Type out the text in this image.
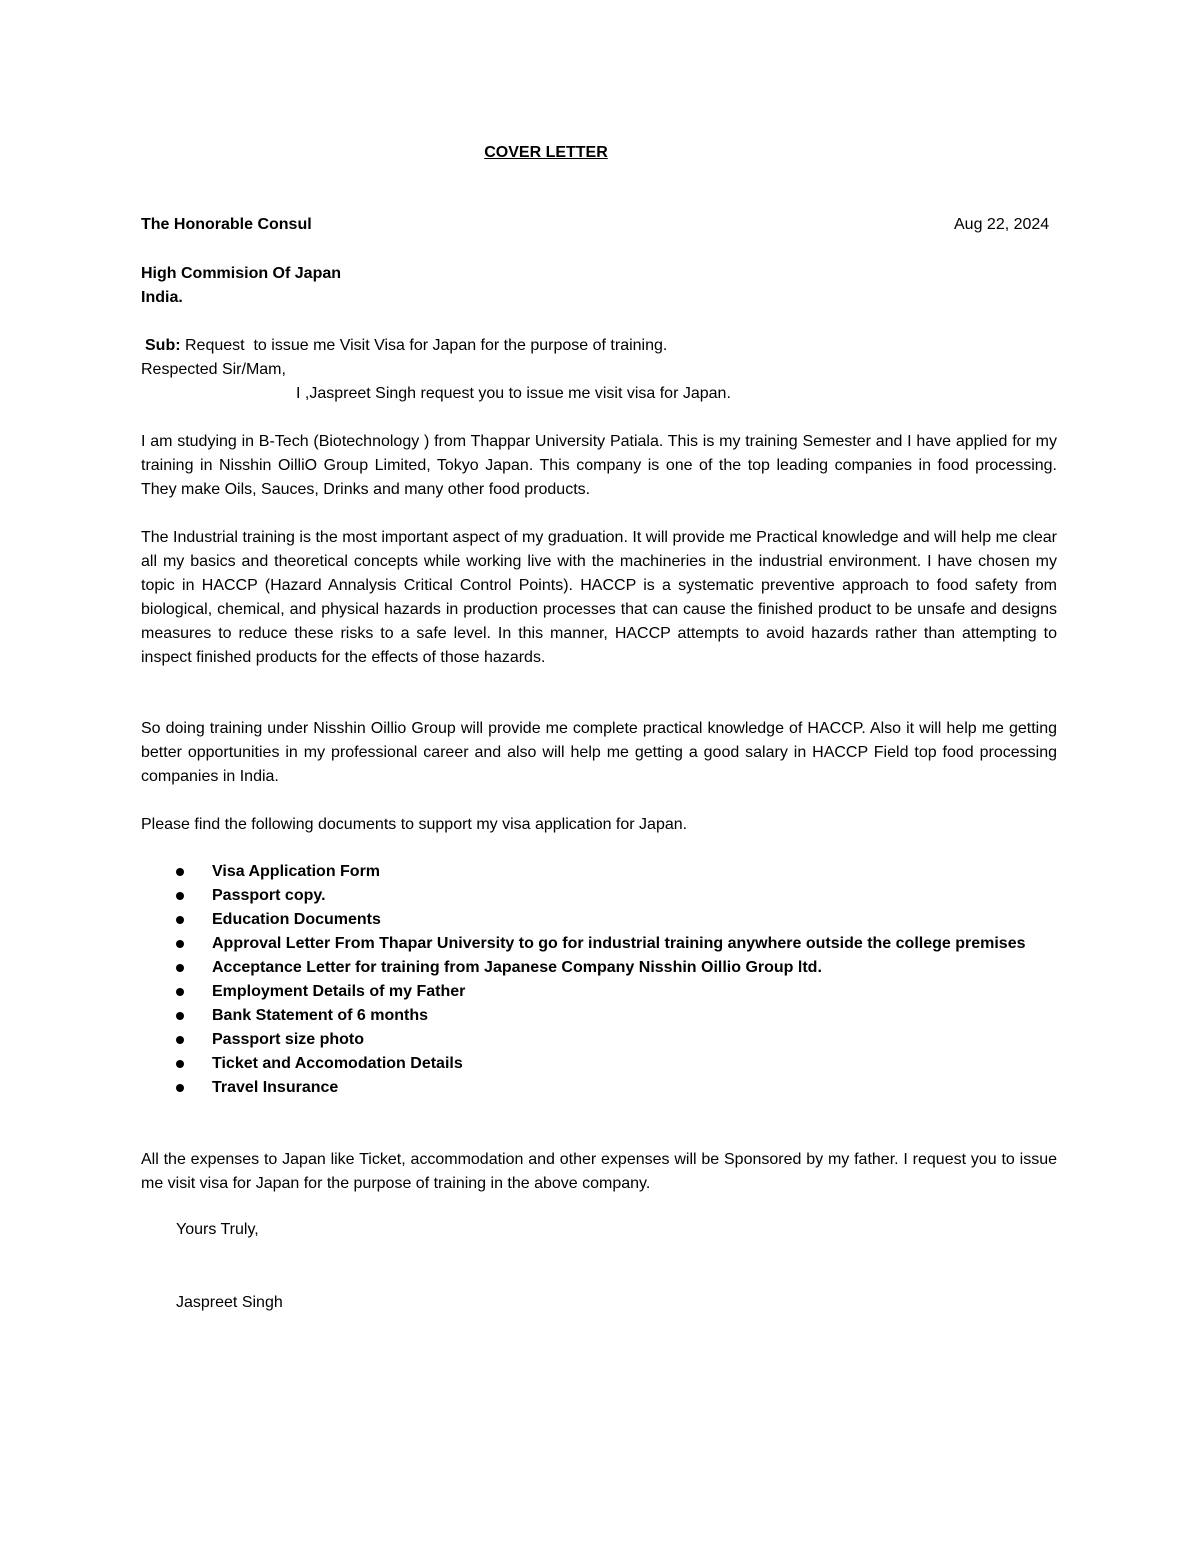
COVER LETTER
The Honorable Consul	Aug 22, 2024
High Commision Of Japan
India.
Sub: Request  to issue me Visit Visa for Japan for the purpose of training.
Respected Sir/Mam,
I ,Jaspreet Singh request you to issue me visit visa for Japan.

I am studying in B-Tech (Biotechnology ) from Thappar University Patiala. This is my training Semester and I have applied for my training in Nisshin OilliO Group Limited, Tokyo Japan. This company is one of the top leading companies in food processing. They make Oils, Sauces, Drinks and many other food products.

The Industrial training is the most important aspect of my graduation. It will provide me Practical knowledge and will help me clear all my basics and theoretical concepts while working live with the machineries in the industrial environment. I have chosen my topic in HACCP (Hazard Annalysis Critical Control Points). HACCP is a systematic preventive approach to food safety from biological, chemical, and physical hazards in production processes that can cause the finished product to be unsafe and designs measures to reduce these risks to a safe level. In this manner, HACCP attempts to avoid hazards rather than attempting to inspect finished products for the effects of those hazards.

So doing training under Nisshin Oillio Group will provide me complete practical knowledge of HACCP. Also it will help me getting better opportunities in my professional career and also will help me getting a good salary in HACCP Field top food processing companies in India.

Please find the following documents to support my visa application for Japan.

Visa Application Form
Passport copy.
Education Documents
Approval Letter From Thapar University to go for industrial training anywhere outside the college premises
Acceptance Letter for training from Japanese Company Nisshin Oillio Group ltd.
Employment Details of my Father
Bank Statement of 6 months
Passport size photo
Ticket and Accomodation Details
Travel Insurance

All the expenses to Japan like Ticket, accommodation and other expenses will be Sponsored by my father. I request you to issue me visit visa for Japan for the purpose of training in the above company.

Yours Truly,
Jaspreet Singh
